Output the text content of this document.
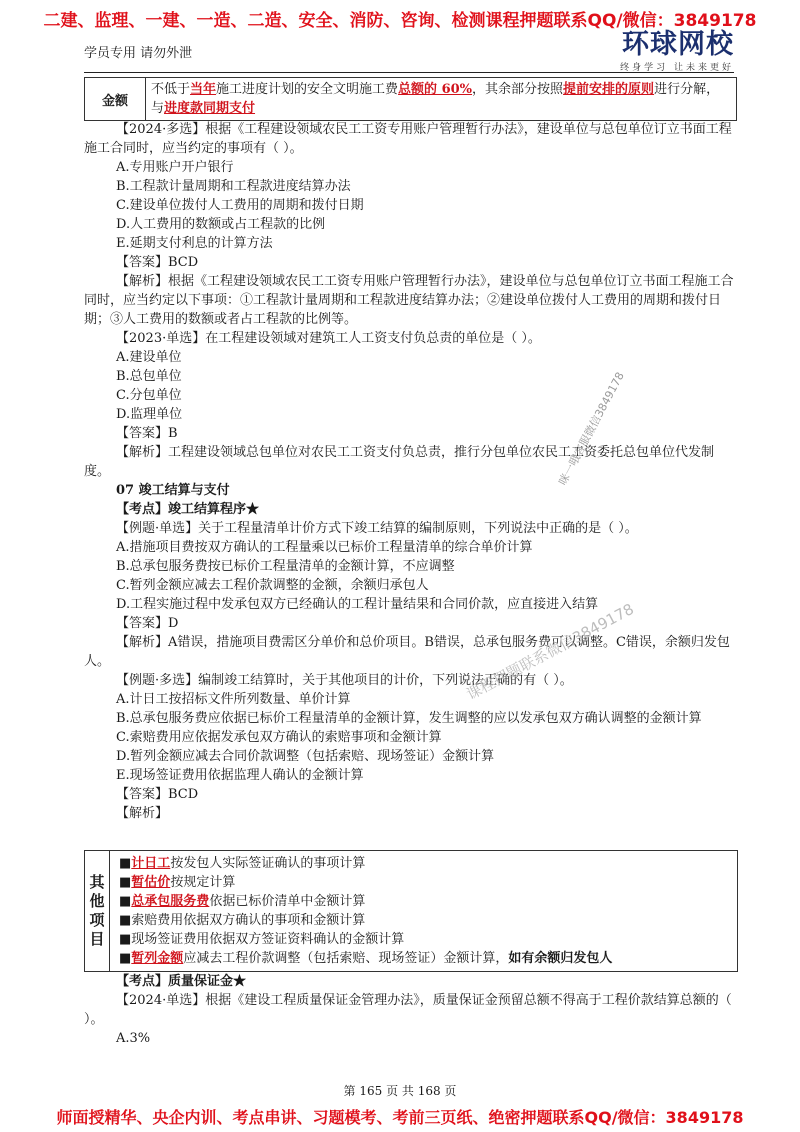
二建、监理、一建、一造、二造、安全、消防、咨询、检测课程押题联系QQ/微信：3849178
学员专用 请勿外泄	环球网校
终身学习 让未来更好
金额
不低于当年施工进度计划的安全文明施工费总额的 60%，其余部分按照提前安排的原则进行分解，与进度款同期支付

【2024·多选】根据《工程建设领域农民工工资专用账户管理暂行办法》，建设单位与总包单位订立书面工程施工合同时，应当约定的事项有（ ）。

A.专用账户开户银行

B.工程款计量周期和工程款进度结算办法

C.建设单位拨付人工费用的周期和拨付日期

D.人工费用的数额或占工程款的比例

E.延期支付利息的计算方法

【答案】BCD

【解析】根据《工程建设领域农民工工资专用账户管理暂行办法》，建设单位与总包单位订立书面工程施工合同时，应当约定以下事项：①工程款计量周期和工程款进度结算办法；②建设单位拨付人工费用的周期和拨付日期；③人工费用的数额或者占工程款的比例等。

【2023·单选】在工程建设领域对建筑工人工资支付负总责的单位是（ ）。

A.建设单位

B.总包单位

C.分包单位

D.监理单位

【答案】B

【解析】工程建设领域总包单位对农民工工资支付负总责，推行分包单位农民工工资委托总包单位代发制度。

07 竣工结算与支付

【考点】竣工结算程序★

【例题·单选】关于工程量清单计价方式下竣工结算的编制原则，下列说法中正确的是（ ）。

A.措施项目费按双方确认的工程量乘以已标价工程量清单的综合单价计算

B.总承包服务费按已标价工程量清单的金额计算，不应调整

C.暂列金额应减去工程价款调整的金额，余额归承包人

D.工程实施过程中发承包双方已经确认的工程计量结果和合同价款，应直接进入结算

【答案】D

【解析】A错误，措施项目费需区分单价和总价项目。B错误，总承包服务费可以调整。C错误，余额归发包人。

【例题·多选】编制竣工结算时，关于其他项目的计价，下列说法正确的有（ ）。

A.计日工按招标文件所列数量、单价计算

B.总承包服务费应依据已标价工程量清单的金额计算，发生调整的应以发承包双方确认调整的金额计算

C.索赔费用应依据发承包双方确认的索赔事项和金额计算

D.暂列金额应减去合同价款调整（包括索赔、现场签证）金额计算

E.现场签证费用依据监理人确认的金额计算

【答案】BCD

【解析】

其
他
项
目

■计日工按发包人实际签证确认的事项计算

■暂估价按规定计算

■总承包服务费依据已标价清单中金额计算

■索赔费用依据双方确认的事项和金额计算

■现场签证费用依据双方签证资料确认的金额计算

■暂列金额应减去工程价款调整（包括索赔、现场签证）金额计算，如有余额归发包人

【考点】质量保证金★

【2024·单选】根据《建设工程质量保证金管理办法》，质量保证金预留总额不得高于工程价款结算总额的（ ）。

A.3%

咪一哦客服微信3849178
课程押题联系微信3849178
第 165 页 共 168 页
师面授精华、央企内训、考点串讲、习题模考、考前三页纸、绝密押题联系QQ/微信：3849178
